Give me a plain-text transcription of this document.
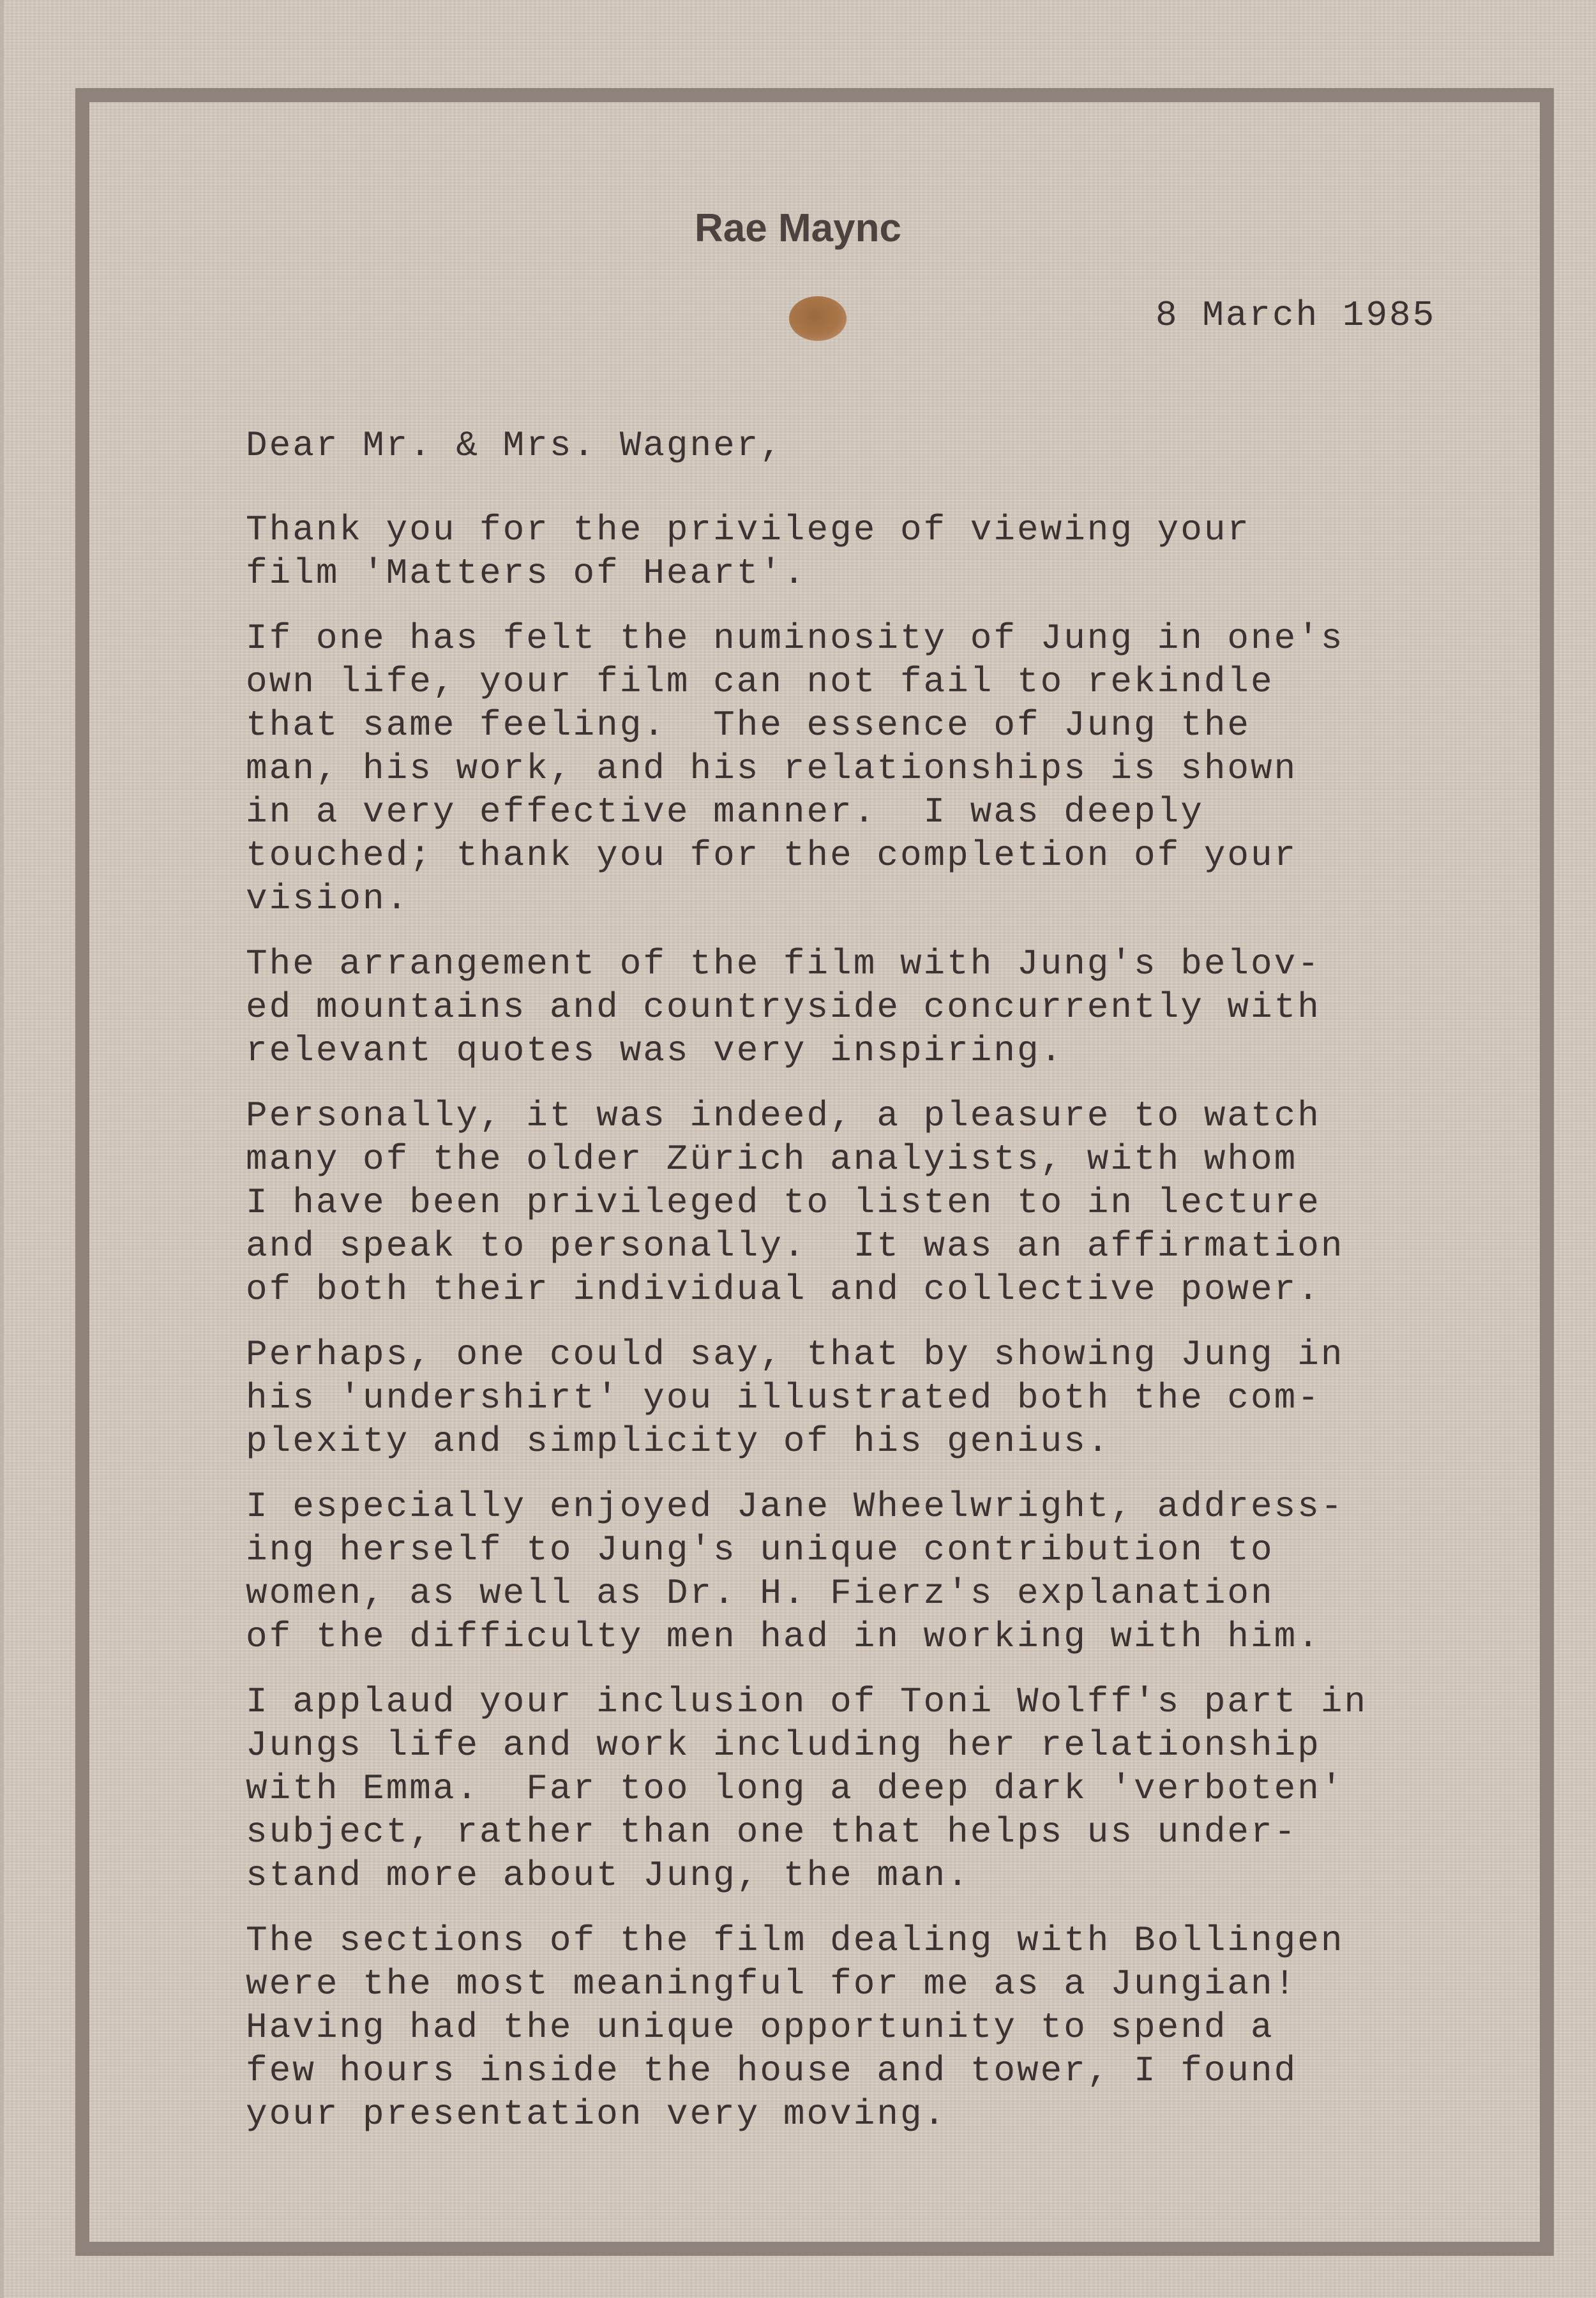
Rae Maync
8 March 1985
Dear Mr. & Mrs. Wagner,
Thank you for the privilege of viewing your
film 'Matters of Heart'.
If one has felt the numinosity of Jung in one's
own life, your film can not fail to rekindle
that same feeling.  The essence of Jung the
man, his work, and his relationships is shown
in a very effective manner.  I was deeply
touched; thank you for the completion of your
vision.
The arrangement of the film with Jung's belov-
ed mountains and countryside concurrently with
relevant quotes was very inspiring.
Personally, it was indeed, a pleasure to watch
many of the older Zürich analyists, with whom
I have been privileged to listen to in lecture
and speak to personally.  It was an affirmation
of both their individual and collective power.
Perhaps, one could say, that by showing Jung in
his 'undershirt' you illustrated both the com-
plexity and simplicity of his genius.
I especially enjoyed Jane Wheelwright, address-
ing herself to Jung's unique contribution to
women, as well as Dr. H. Fierz's explanation
of the difficulty men had in working with him.
I applaud your inclusion of Toni Wolff's part in
Jungs life and work including her relationship
with Emma.  Far too long a deep dark 'verboten'
subject, rather than one that helps us under-
stand more about Jung, the man.
The sections of the film dealing with Bollingen
were the most meaningful for me as a Jungian!
Having had the unique opportunity to spend a
few hours inside the house and tower, I found
your presentation very moving.
